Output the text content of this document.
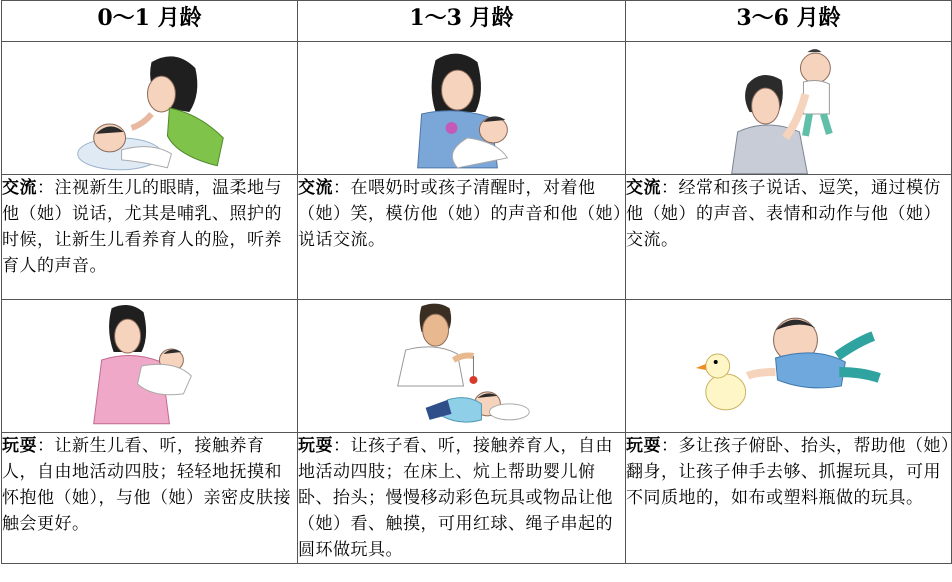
0～1 月龄	1～3 月龄	3～6 月龄

交流：注视新生儿的眼睛，温柔地与他（她）说话，尤其是哺乳、照护的时候，让新生儿看养育人的脸，听养育人的声音。	交流：在喂奶时或孩子清醒时，对着他（她）笑，模仿他（她）的声音和他（她）说话交流。	交流：经常和孩子说话、逗笑，通过模仿他（她）的声音、表情和动作与他（她）交流。

玩耍：让新生儿看、听，接触养育人，自由地活动四肢；轻轻地抚摸和怀抱他（她），与他（她）亲密皮肤接触会更好。	玩耍：让孩子看、听，接触养育人，自由地活动四肢；在床上、炕上帮助婴儿俯卧、抬头；慢慢移动彩色玩具或物品让他（她）看、触摸，可用红球、绳子串起的圆环做玩具。	玩耍：多让孩子俯卧、抬头，帮助他（她）翻身，让孩子伸手去够、抓握玩具，可用不同质地的，如布或塑料瓶做的玩具。
